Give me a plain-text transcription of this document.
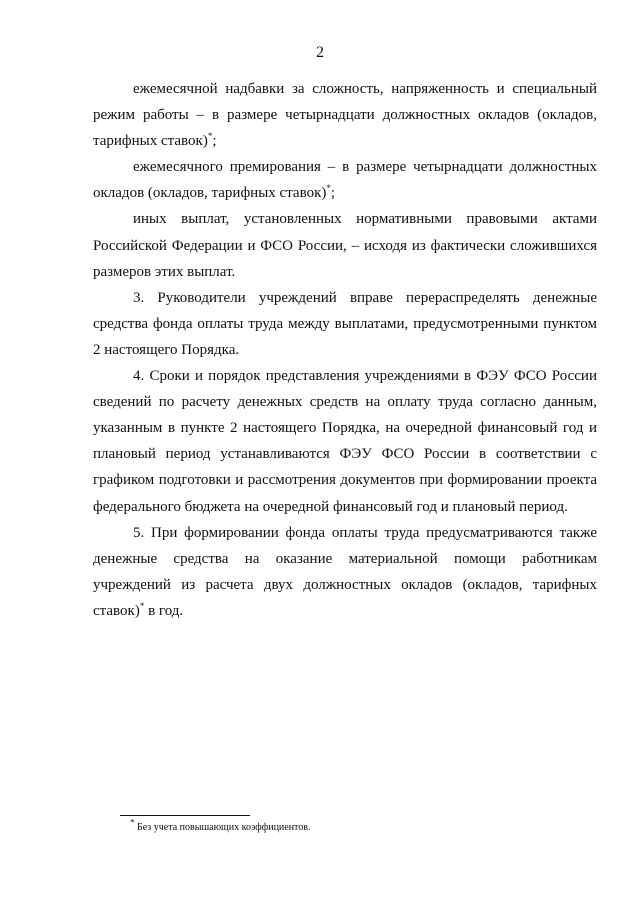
2

ежемесячной надбавки за сложность, напряженность и специальный режим работы – в размере четырнадцати должностных окладов (окладов, тарифных ставок)*;

ежемесячного премирования – в размере четырнадцати должностных окладов (окладов, тарифных ставок)*;

иных выплат, установленных нормативными правовыми актами Российской Федерации и ФСО России, – исходя из фактически сложившихся размеров этих выплат.

3. Руководители учреждений вправе перераспределять денежные средства фонда оплаты труда между выплатами, предусмотренными пунктом 2 настоящего Порядка.

4. Сроки и порядок представления учреждениями в ФЭУ ФСО России сведений по расчету денежных средств на оплату труда согласно данным, указанным в пункте 2 настоящего Порядка, на очередной финансовый год и плановый период устанавливаются ФЭУ ФСО России в соответствии с графиком подготовки и рассмотрения документов при формировании проекта федерального бюджета на очередной финансовый год и плановый период.

5. При формировании фонда оплаты труда предусматриваются также денежные средства на оказание материальной помощи работникам учреждений из расчета двух должностных окладов (окладов, тарифных ставок)* в год.

* Без учета повышающих коэффициентов.
